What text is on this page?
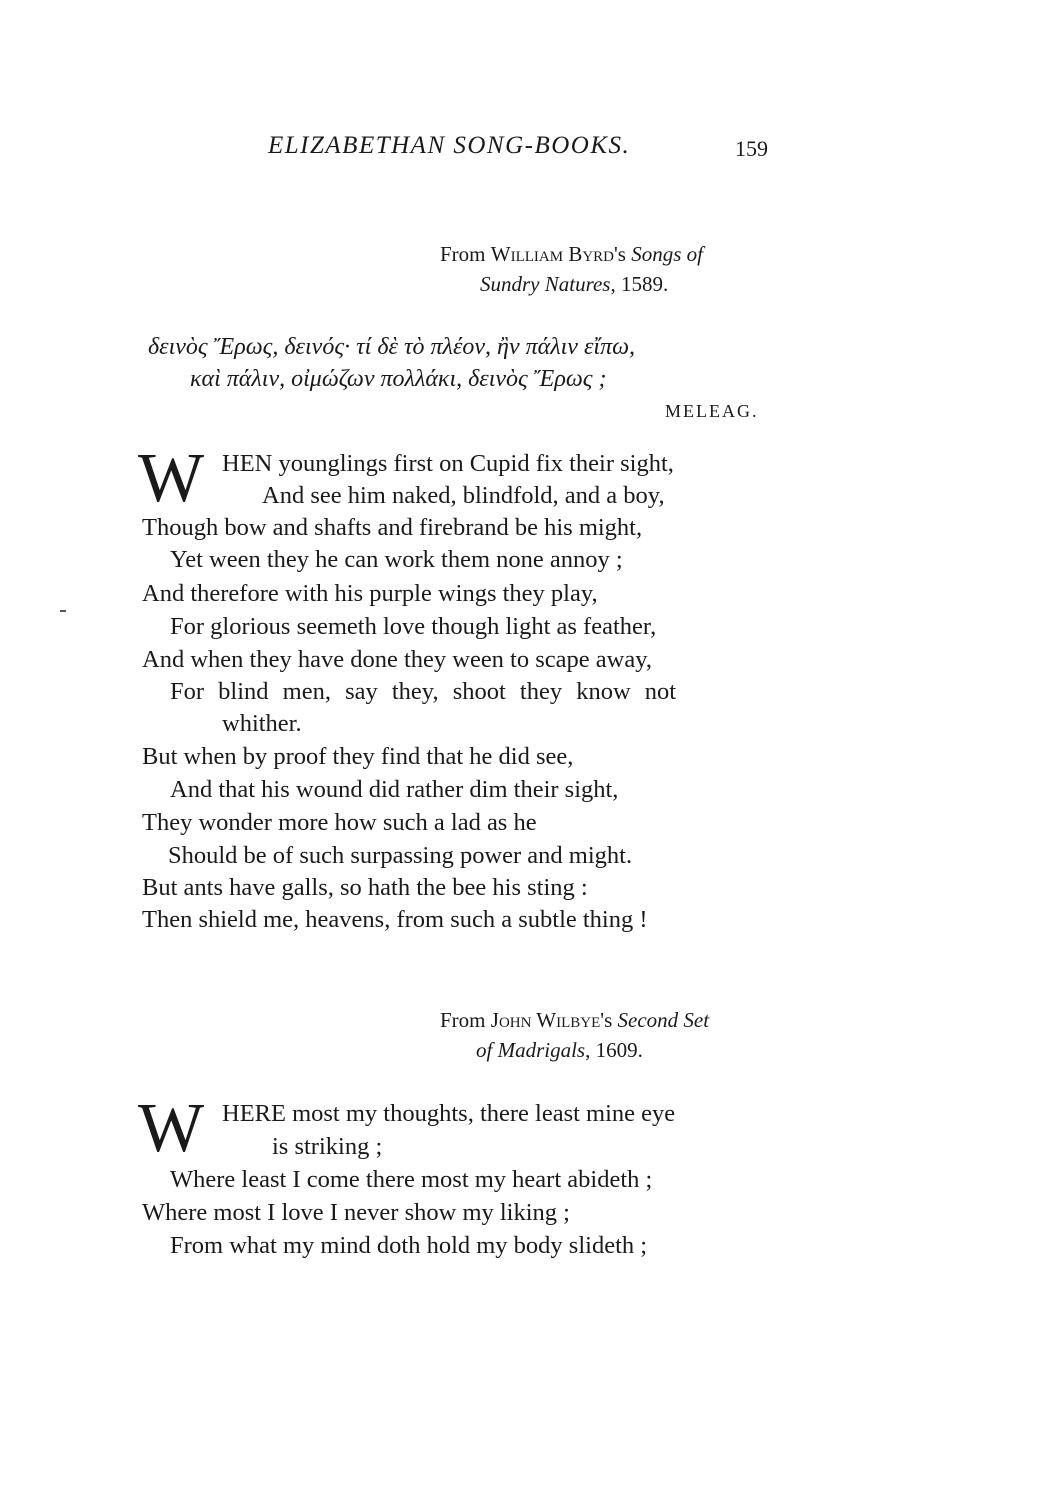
ELIZABETHAN SONG-BOOKS.	159
From William Byrd's Songs of
Sundry Natures, 1589.
δεινὸς Ἔρως, δεινός· τί δὲ τὸ πλέον, ἢν πάλιν εἴπω,
καὶ πάλιν, οἰμώζων πολλάκι, δεινὸς Ἔρως ;
MELEAG.
W HEN younglings first on Cupid fix their sight,
And see him naked, blindfold, and a boy,
Though bow and shafts and firebrand be his might,
Yet ween they he can work them none annoy ;
And therefore with his purple wings they play,
For glorious seemeth love though light as feather,
And when they have done they ween to scape away,
For blind men, say they, shoot they know not
whither.
But when by proof they find that he did see,
And that his wound did rather dim their sight,
They wonder more how such a lad as he
Should be of such surpassing power and might.
But ants have galls, so hath the bee his sting :
Then shield me, heavens, from such a subtle thing !
From John Wilbye's Second Set
of Madrigals, 1609.
W HERE most my thoughts, there least mine eye
is striking ;
Where least I come there most my heart abideth ;
Where most I love I never show my liking ;
From what my mind doth hold my body slideth ;
